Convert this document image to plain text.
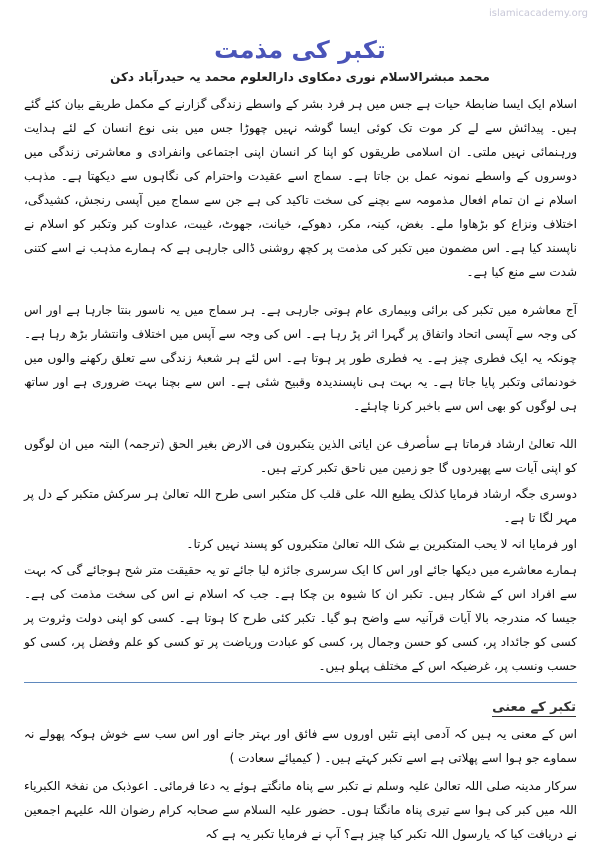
islamicacademy.org
تکبر کی مذمت
محمد مبشرالاسلام نوری دمکاوی دارالعلوم محمد یہ حیدرآباد دکن

اسلام ایک ایسا ضابطۂ حیات ہے جس میں ہر فرد بشر کے واسطے زندگی گزارنے کے مکمل طریقے بیان کئے گئے ہیں۔ پیدائش سے لے کر موت تک کوئی ایسا گوشہ نہیں چھوڑا جس میں بنی نوع انسان کے لئے ہدایت ورہنمائی نہیں ملتی۔ ان اسلامی طریقوں کو اپنا کر انسان اپنی اجتماعی وانفرادی و معاشرتی زندگی میں دوسروں کے واسطے نمونہ عمل بن جاتا ہے۔ سماج اسے عقیدت واحترام کی نگاہوں سے دیکھتا ہے۔ مذہب اسلام نے ان تمام افعال مذمومہ سے بچنے کی سخت تاکید کی ہے جن سے سماج میں آپسی رنجش، کشیدگی، اختلاف ونزاع کو بڑھاوا ملے۔ بغض، کینہ، مکر، دھوکے، خیانت، جھوٹ، غیبت، عداوت کبر وتکبر کو اسلام نے ناپسند کیا ہے۔ اس مضمون میں تکبر کی مذمت پر کچھ روشنی ڈالی جارہی ہے کہ ہمارے مذہب نے اسے کتنی شدت سے منع کیا ہے۔

آج معاشرہ میں تکبر کی برائی وبیماری عام ہوتی جارہی ہے۔ ہر سماج میں یہ ناسور بنتا جارہا ہے اور اس کی وجہ سے آپسی اتحاد واتفاق پر گہرا اثر پڑ رہا ہے۔ اس کی وجہ سے آپس میں اختلاف وانتشار بڑھ رہا ہے۔ چونکہ یہ ایک فطری چیز ہے۔ یہ فطری طور پر ہوتا ہے۔ اس لئے ہر شعبۂ زندگی سے تعلق رکھنے والوں میں خودنمائی وتکبر پایا جاتا ہے۔ یہ بہت ہی ناپسندیدہ وقبیح شئی ہے۔ اس سے بچنا بہت ضروری ہے اور ساتھ ہی لوگوں کو بھی اس سے باخبر کرنا چاہئے۔

اللہ تعالیٰ ارشاد فرماتا ہے سأصرف عن ایاتی الذین یتکبرون فی الارض بغیر الحق (ترجمہ) البتہ میں ان لوگوں کو اپنی آیات سے پھیردوں گا جو زمین میں ناحق تکبر کرتے ہیں۔

دوسری جگہ ارشاد فرمایا کذلک یطبع اللہ علی قلب کل متکبر اسی طرح اللہ تعالیٰ ہر سرکش متکبر کے دل پر مہر لگا تا ہے۔

اور فرمایا انہ لا یحب المتکبرین بے شک اللہ تعالیٰ متکبروں کو پسند نہیں کرتا۔

ہمارے معاشرے میں دیکھا جائے اور اس کا ایک سرسری جائزہ لیا جائے تو یہ حقیقت متر شح ہوجائے گی کہ بہت سے افراد اس کے شکار ہیں۔ تکبر ان کا شیوہ بن چکا ہے۔ جب کہ اسلام نے اس کی سخت مذمت کی ہے۔ جیسا کہ مندرجہ بالا آیات قرآنیہ سے واضح ہو گیا۔ تکبر کئی طرح کا ہوتا ہے۔ کسی کو اپنی دولت وثروت پر کسی کو جائداد پر، کسی کو حسن وجمال پر، کسی کو عبادت وریاضت پر تو کسی کو علم وفضل پر، کسی کو حسب ونسب پر، غرضیکہ اس کے مختلف پہلو ہیں۔

تکبر کے معنی

اس کے معنی یہ ہیں کہ آدمی اپنے تئیں اوروں سے فائق اور بہتر جانے اور اس سب سے خوش ہوکہ پھولے نہ سماوے جو ہوا اسے پھلاتی ہے اسے تکبر کہتے ہیں۔ ( کیمیائے سعادت )

سرکار مدینہ صلی اللہ تعالیٰ علیہ وسلم نے تکبر سے پناہ مانگتے ہوئے یہ دعا فرمائی۔ اعوذبک من نفخۃ الکبریاء اللہ میں کبر کی ہوا سے تیری پناہ مانگتا ہوں۔ حضور علیہ السلام سے صحابہ کرام رضوان اللہ علیہم اجمعین نے دریافت کیا کہ یارسول اللہ تکبر کیا چیز ہے؟ آپ نے فرمایا تکبر یہ ہے کہ
